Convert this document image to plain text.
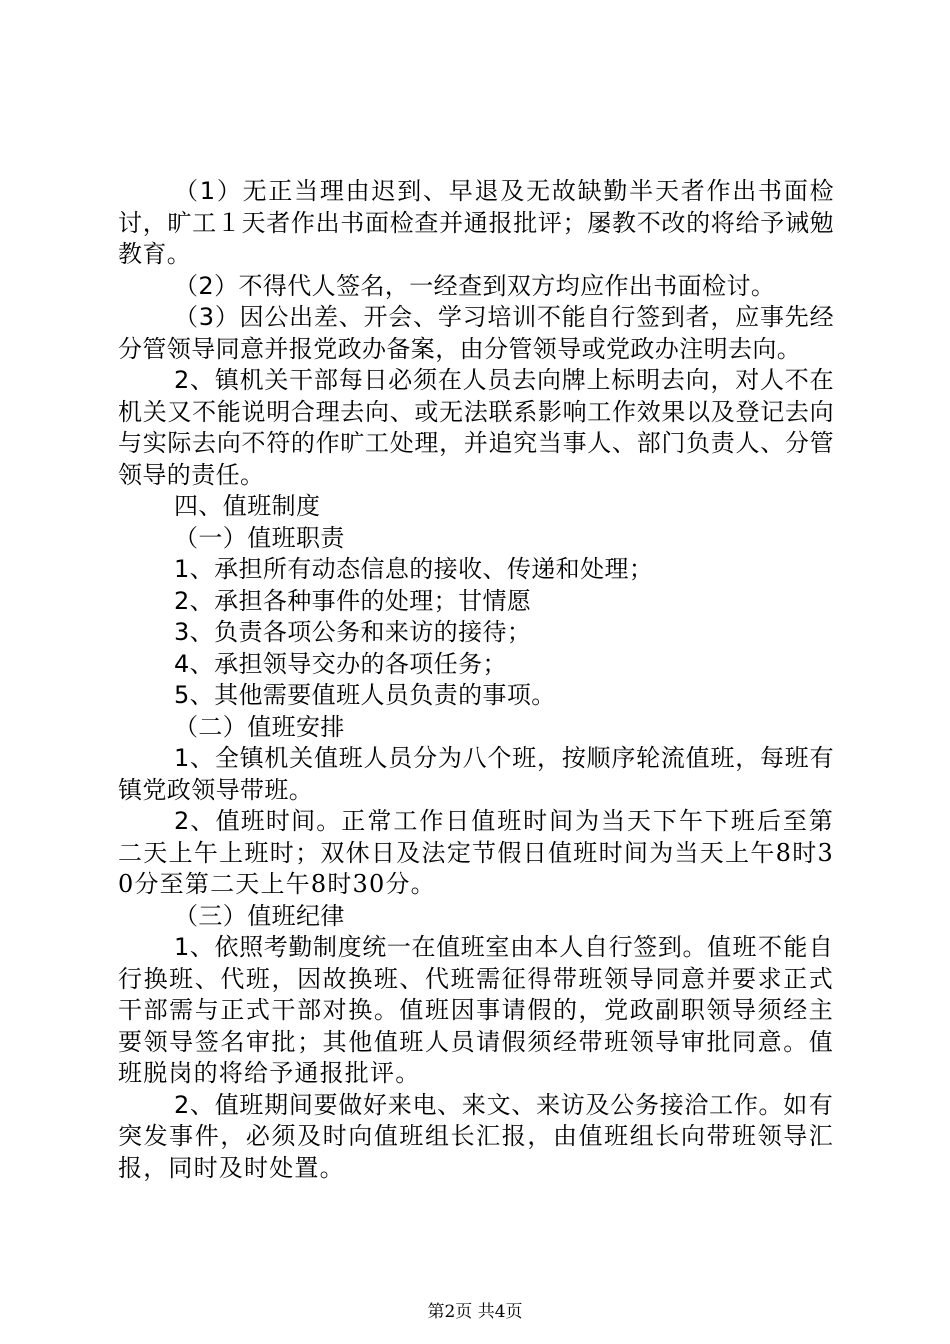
（1）无正当理由迟到、早退及无故缺勤半天者作出书面检讨，旷工１天者作出书面检查并通报批评；屡教不改的将给予诫勉教育。

（2）不得代人签名，一经查到双方均应作出书面检讨。

（3）因公出差、开会、学习培训不能自行签到者，应事先经分管领导同意并报党政办备案，由分管领导或党政办注明去向。

2、镇机关干部每日必须在人员去向牌上标明去向，对人不在机关又不能说明合理去向、或无法联系影响工作效果以及登记去向与实际去向不符的作旷工处理，并追究当事人、部门负责人、分管领导的责任。

四、值班制度

（一）值班职责

1、承担所有动态信息的接收、传递和处理；

2、承担各种事件的处理；甘情愿

3、负责各项公务和来访的接待；

4、承担领导交办的各项任务；

5、其他需要值班人员负责的事项。

（二）值班安排

1、全镇机关值班人员分为八个班，按顺序轮流值班，每班有镇党政领导带班。

2、值班时间。正常工作日值班时间为当天下午下班后至第二天上午上班时；双休日及法定节假日值班时间为当天上午8时30分至第二天上午8时30分。

（三）值班纪律

1、依照考勤制度统一在值班室由本人自行签到。值班不能自行换班、代班，因故换班、代班需征得带班领导同意并要求正式干部需与正式干部对换。值班因事请假的，党政副职领导须经主要领导签名审批；其他值班人员请假须经带班领导审批同意。值班脱岗的将给予通报批评。

2、值班期间要做好来电、来文、来访及公务接洽工作。如有突发事件，必须及时向值班组长汇报，由值班组长向带班领导汇报，同时及时处置。

第2页 共4页
